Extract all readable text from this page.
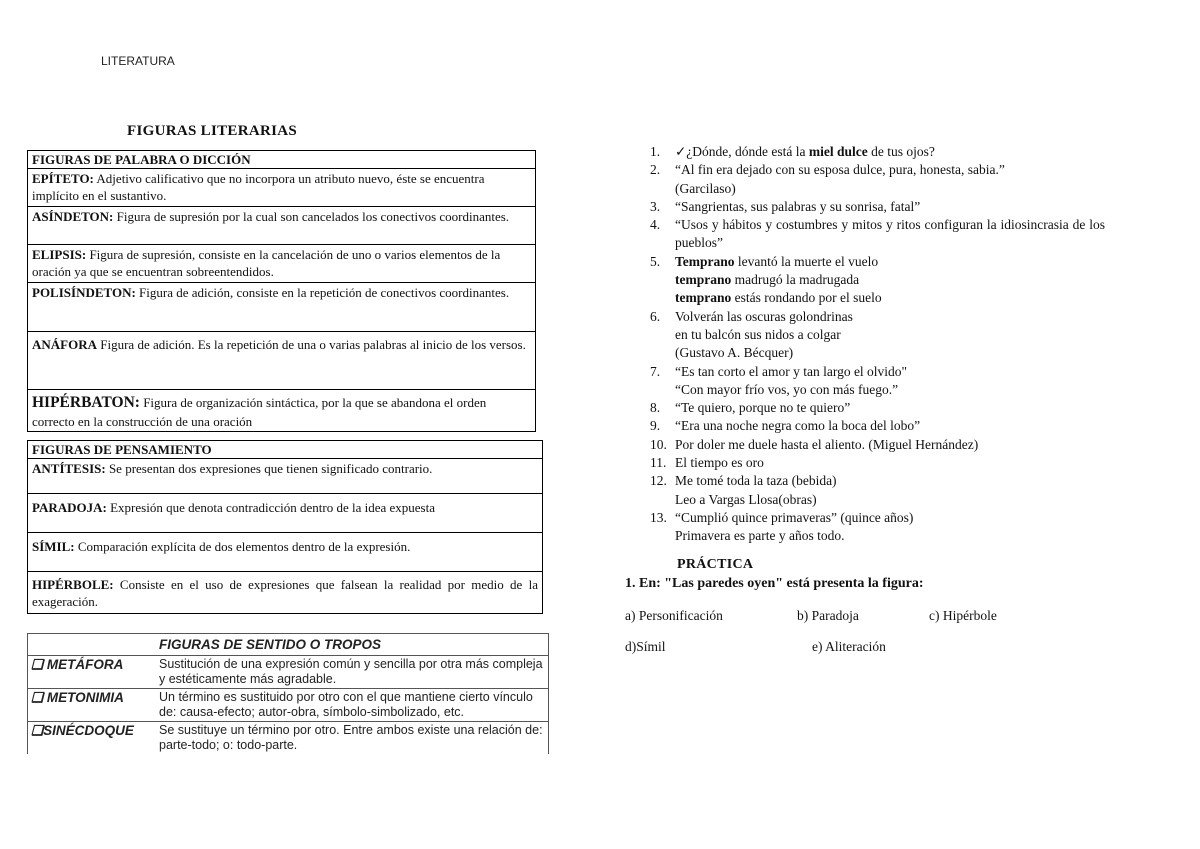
LITERATURA
FIGURAS LITERARIAS
FIGURAS DE PALABRA O DICCIÓN
EPÍTETO: Adjetivo calificativo que no incorpora un atributo nuevo, éste se encuentra implícito en el sustantivo.
ASÍNDETON: Figura de supresión por la cual son cancelados los conectivos coordinantes.
ELIPSIS: Figura de supresión, consiste en la cancelación de uno o varios elementos de la oración ya que se encuentran sobreentendidos.
POLISÍNDETON: Figura de adición, consiste en la repetición de conectivos coordinantes.
ANÁFORA Figura de adición. Es la repetición de una o varias palabras al inicio de los versos.
HIPÉRBATON: Figura de organización sintáctica, por la que se abandona el orden correcto en la construcción de una oración
FIGURAS DE PENSAMIENTO
ANTÍTESIS: Se presentan dos expresiones que tienen significado contrario.
PARADOJA: Expresión que denota contradicción dentro de la idea expuesta
SÍMIL: Comparación explícita de dos elementos dentro de la expresión.
HIPÉRBOLE: Consiste en el uso de expresiones que falsean la realidad por medio de la exageración.
	FIGURAS DE SENTIDO O TROPOS
❑ METÁFORA	Sustitución de una expresión común y sencilla por otra más compleja y estéticamente más agradable.
❑ METONIMIA	Un término es sustituido por otro con el que mantiene cierto vínculo de: causa-efecto; autor-obra, símbolo-simbolizado, etc.
❑SINÉCDOQUE	Se sustituye un término por otro. Entre ambos existe una relación de: parte-todo; o: todo-parte.
1.	✓¿Dónde, dónde está la miel dulce de tus ojos?
2.	“Al fin era dejado con su esposa dulce, pura, honesta, sabia.”
(Garcilaso)
3.	“Sangrientas, sus palabras y su sonrisa, fatal”
4.	“Usos y hábitos y costumbres y mitos y ritos configuran la idiosincrasia de los pueblos”
5.	Temprano levantó la muerte el vuelo
temprano madrugó la madrugada
temprano estás rondando por el suelo
6.	Volverán las oscuras golondrinas
en tu balcón sus nidos a colgar
(Gustavo A. Bécquer)
7.	“Es tan corto el amor y tan largo el olvido"
“Con mayor frío vos, yo con más fuego.”
8.	“Te quiero, porque no te quiero”
9.	“Era una noche negra como la boca del lobo”
10. Por doler me duele hasta el aliento. (Miguel Hernández)
11. El tiempo es oro
12. Me tomé toda la taza (bebida)
Leo a Vargas Llosa(obras)
13. “Cumplió quince primaveras” (quince años)
Primavera es parte y años todo.
PRÁCTICA
1. En: "Las paredes oyen" está presenta la figura:
a) Personificación	b) Paradoja	c) Hipérbole
d)Símil	e) Aliteración
